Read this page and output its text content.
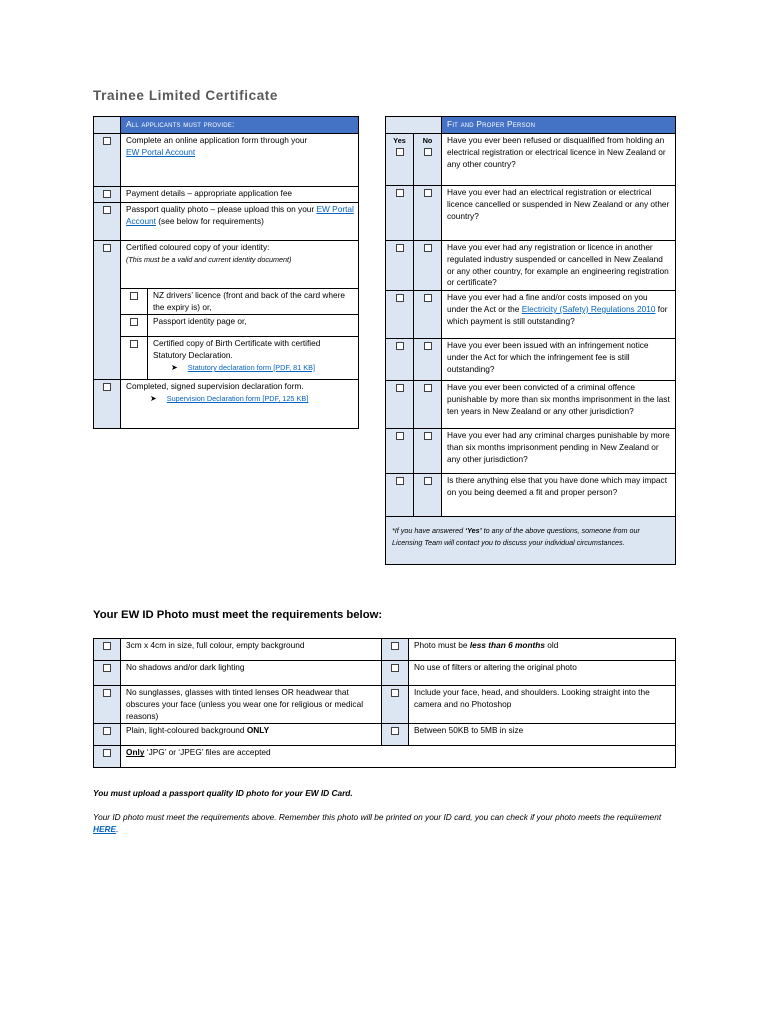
Trainee Limited Certificate
	All applicants must provide:	
	Complete an online application form through your
EW Portal Account	
	Payment details – appropriate application fee	
	Passport quality photo – please upload this on your EW Portal Account (see below for requirements)	
	Certified coloured copy of your identity:
(This must be a valid and current identity document)	
		NZ drivers’ licence (front and back of the card where the expiry is) or,
		Passport identity page or,
		Certified copy of Birth Certificate with certified Statutory Declaration.
➤ Statutory declaration form [PDF, 81 KB]
	Completed, signed supervision declaration form.
➤ Supervision Declaration form [PDF, 125 KB]	
		Fit and Proper Person

Yes	No	Have you ever been refused or disqualified from holding an electrical registration or electrical licence in New Zealand or any other country?
		Have you ever had an electrical registration or electrical licence cancelled or suspended in New Zealand or any other country?
		Have you ever had any registration or licence in another regulated industry suspended or cancelled in New Zealand or any other country, for example an engineering registration or certificate?
		Have you ever had a fine and/or costs imposed on you under the Act or the Electricity (Safety) Regulations 2010 for which payment is still outstanding?
		Have you ever been issued with an infringement notice under the Act for which the infringement fee is still outstanding?
		Have you ever been convicted of a criminal offence punishable by more than six months imprisonment in the last ten years in New Zealand or any other jurisdiction?
		Have you ever had any criminal charges punishable by more than six months imprisonment pending in New Zealand or any other jurisdiction?
		Is there anything else that you have done which may impact on you being deemed a fit and proper person?
*If you have answered ‘Yes’ to any of the above questions, someone from our Licensing Team will contact you to discuss your individual circumstances.		
Your EW ID Photo must meet the requirements below:
	3cm x 4cm in size, full colour, empty background		Photo must be less than 6 months old
	No shadows and/or dark lighting		No use of filters or altering the original photo
	No sunglasses, glasses with tinted lenses OR headwear that obscures your face (unless you wear one for religious or medical reasons)		Include your face, head, and shoulders. Looking straight into the camera and no Photoshop
	Plain, light-coloured background ONLY		Between 50KB to 5MB in size
	Only ‘JPG’ or ‘JPEG’ files are accepted		
You must upload a passport quality ID photo for your EW ID Card.
Your ID photo must meet the requirements above. Remember this photo will be printed on your ID card, you can check if your photo meets the requirement HERE.
